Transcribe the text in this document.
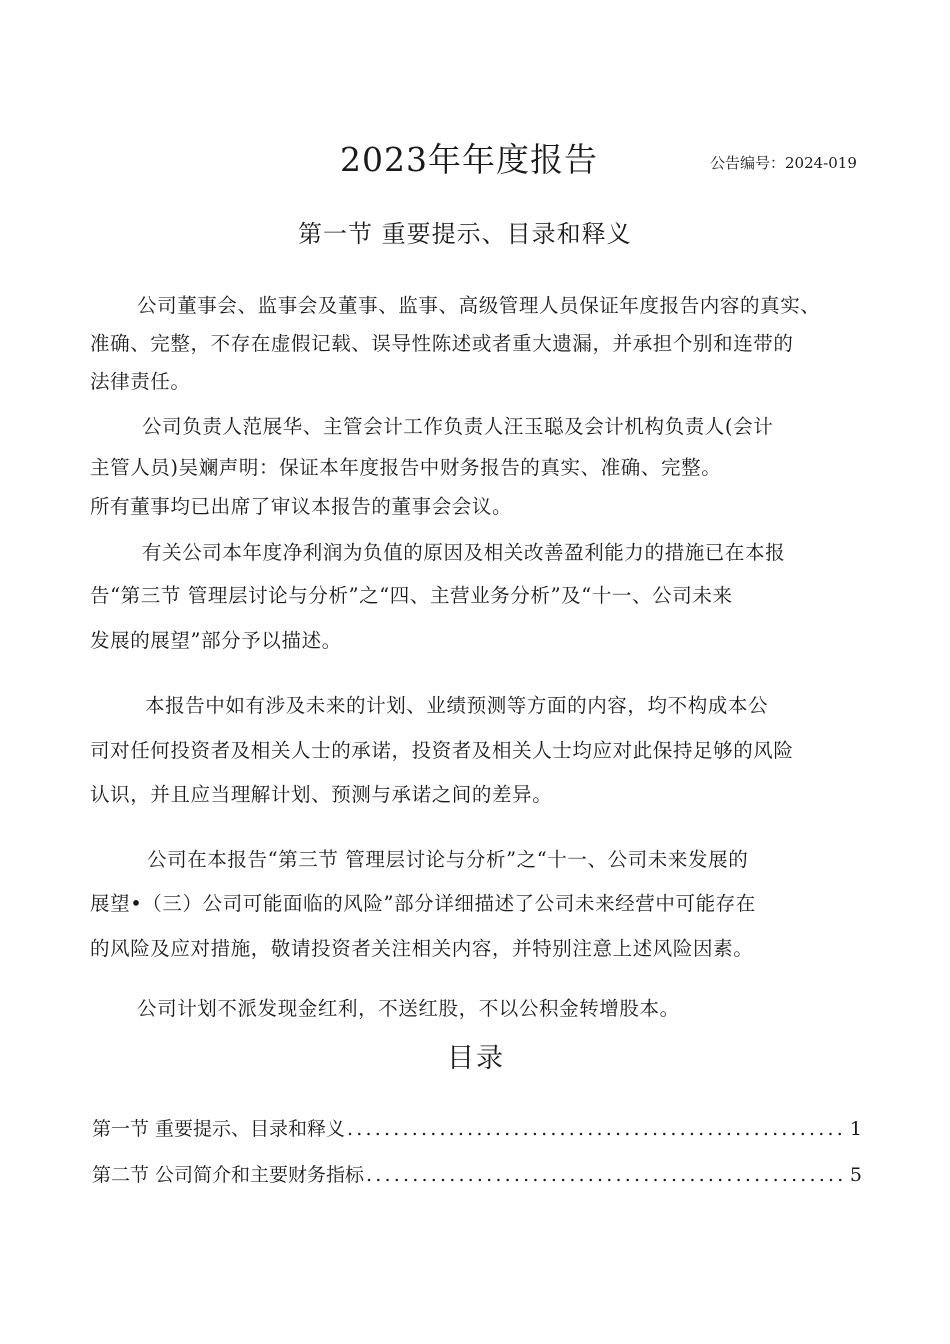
2023年年度报告	公告编号：2024-019
第一节 重要提示、目录和释义
公司董事会、监事会及董事、监事、高级管理人员保证年度报告内容的真实、
准确、完整，不存在虚假记载、误导性陈述或者重大遗漏，并承担个别和连带的
法律责任。
公司负责人范展华、主管会计工作负责人汪玉聪及会计机构负责人(会计
主管人员)吴斓声明：保证本年度报告中财务报告的真实、准确、完整。
所有董事均已出席了审议本报告的董事会会议。
有关公司本年度净利润为负值的原因及相关改善盈利能力的措施已在本报
告“第三节 管理层讨论与分析”之“四、主营业务分析”及“十一、公司未来
发展的展望”部分予以描述。
本报告中如有涉及未来的计划、业绩预测等方面的内容，均不构成本公
司对任何投资者及相关人士的承诺，投资者及相关人士均应对此保持足够的风险
认识，并且应当理解计划、预测与承诺之间的差异。
公司在本报告“第三节 管理层讨论与分析”之“十一、公司未来发展的
展望•（三）公司可能面临的风险”部分详细描述了公司未来经营中可能存在
的风险及应对措施，敬请投资者关注相关内容，并特别注意上述风险因素。
公司计划不派发现金红利，不送红股，不以公积金转增股本。
目录
第一节 重要提示、目录和释义 .....	1
第二节 公司简介和主要财务指标 .....	5
